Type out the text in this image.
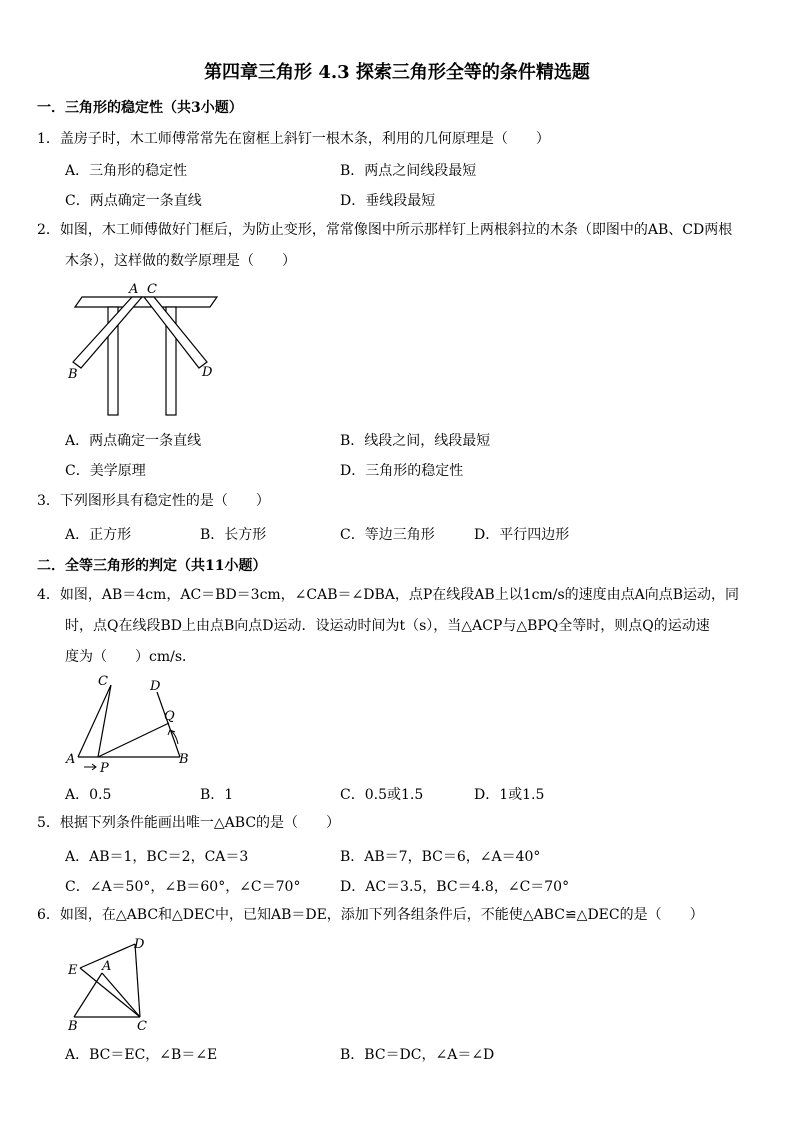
第四章三角形 4.3 探索三角形全等的条件精选题
一．三角形的稳定性（共3小题）
1．盖房子时，木工师傅常常先在窗框上斜钉一根木条，利用的几何原理是（　　）
A．三角形的稳定性	B．两点之间线段最短
C．两点确定一条直线	D．垂线段最短
2．如图，木工师傅做好门框后，为防止变形，常常像图中所示那样钉上两根斜拉的木条（即图中的AB、CD两根
木条），这样做的数学原理是（　　）
A C
B	D
A．两点确定一条直线	B．线段之间，线段最短
C．美学原理	D．三角形的稳定性
3．下列图形具有稳定性的是（　　）
A．正方形	B．长方形	C．等边三角形	D．平行四边形
二．全等三角形的判定（共11小题）
4．如图，AB＝4cm，AC＝BD＝3cm，∠CAB＝∠DBA，点P在线段AB上以1cm/s的速度由点A向点B运动，同
时，点Q在线段BD上由点B向点D运动．设运动时间为t（s），当△ACP与△BPQ全等时，则点Q的运动速
度为（　　）cm/s．
C	D
Q
A
P
B
A．0.5	B．1	C．0.5或1.5	D．1或1.5
5．根据下列条件能画出唯一△ABC的是（　　）
A．AB＝1，BC＝2，CA＝3	B．AB＝7，BC＝6，∠A＝40°
C．∠A＝50°，∠B＝60°，∠C＝70°	D．AC＝3.5，BC＝4.8，∠C＝70°
6．如图，在△ABC和△DEC中，已知AB＝DE，添加下列各组条件后，不能使△ABC≌△DEC的是（　　）
D
E A
B	C
A．BC＝EC，∠B＝∠E	B．BC＝DC，∠A＝∠D
